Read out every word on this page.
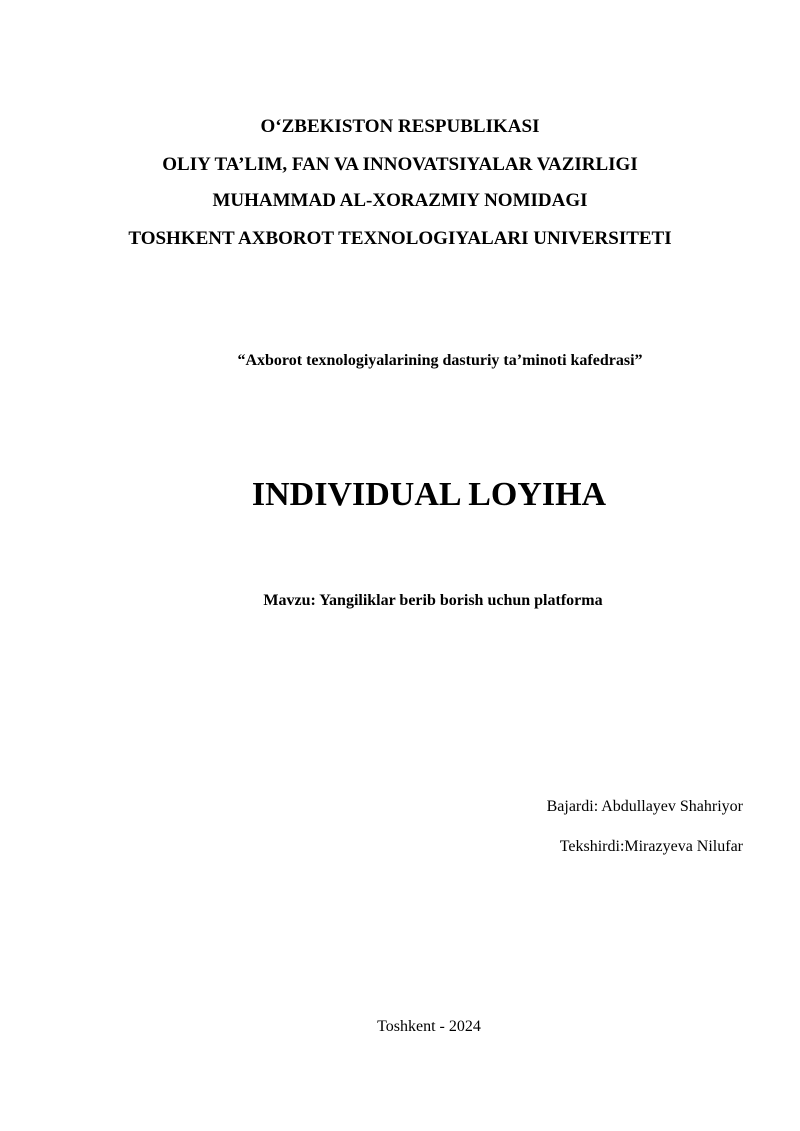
O‘ZBEKISTON RESPUBLIKASI
OLIY TA’LIM, FAN VA INNOVATSIYALAR VAZIRLIGI
MUHAMMAD AL-XORAZMIY NOMIDAGI
TOSHKENT AXBOROT TEXNOLOGIYALARI UNIVERSITETI
“Axborot texnologiyalarining dasturiy ta’minoti kafedrasi”
INDIVIDUAL LOYIHA
Mavzu: Yangiliklar berib borish uchun platforma
Bajardi: Abdullayev Shahriyor
Tekshirdi:Mirazyeva Nilufar
Toshkent - 2024
